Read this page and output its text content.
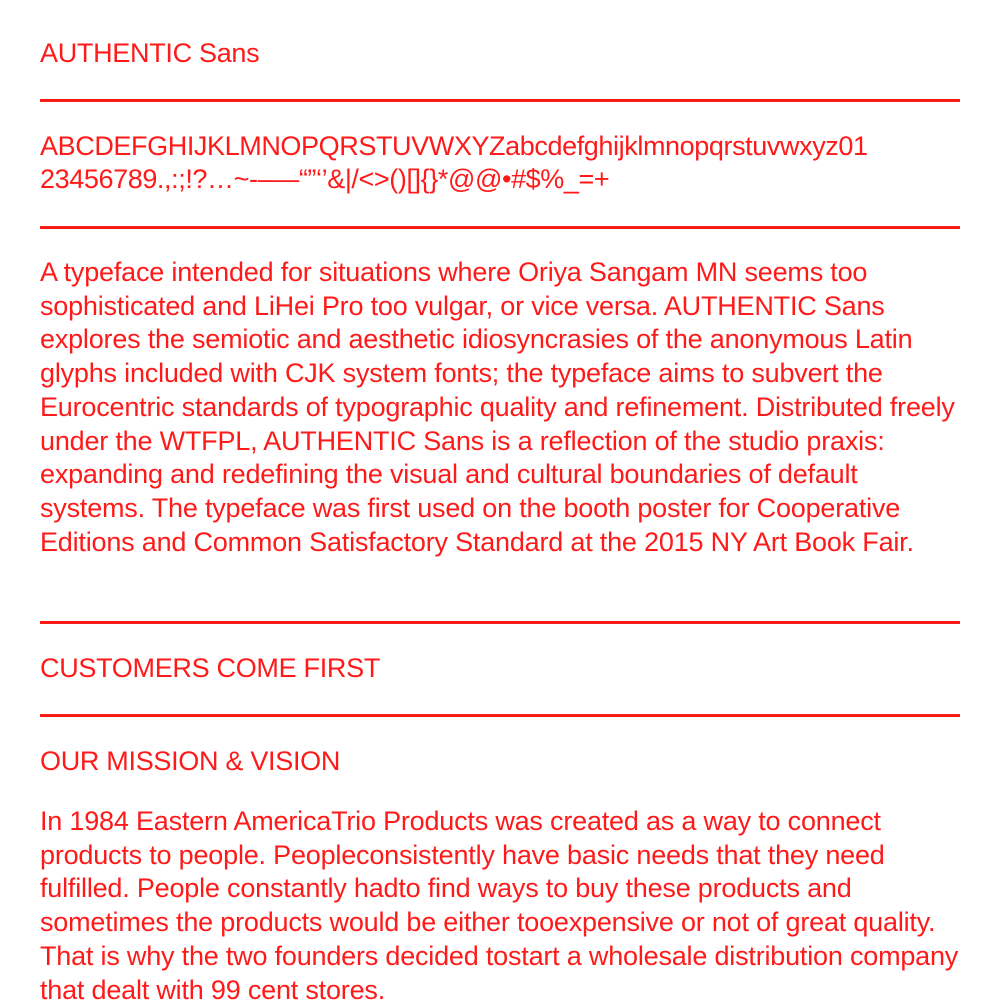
AUTHENTIC Sans
ABCDEFGHIJKLMNOPQRSTUVWXYZabcdefghijklmnopqrstuvwxyz01
23456789.,:;!?…~-–—“”‘’&|/<>()[]{}*@@•#$%_=+
A typeface intended for situations where Oriya Sangam MN seems too sophisticated and LiHei Pro too vulgar, or vice versa. AUTHENTIC Sans explores the semiotic and aesthetic idiosyncrasies of the anonymous Latin glyphs included with CJK system fonts; the typeface aims to subvert the Eurocentric standards of typographic quality and refinement. Distributed freely under the WTFPL, AUTHENTIC Sans is a reflection of the studio praxis: expanding and redefining the visual and cultural boundaries of default systems. The typeface was first used on the booth poster for Cooperative Editions and Common Satisfactory Standard at the 2015 NY Art Book Fair.
CUSTOMERS COME FIRST
OUR MISSION & VISION
In 1984 Eastern AmericaTrio Products was created as a way to connect products to people. Peopleconsistently have basic needs that they need fulfilled. People constantly hadto find ways to buy these products and sometimes the products would be either tooexpensive or not of great quality. That is why the two founders decided tostart a wholesale distribution company that dealt with 99 cent stores.
